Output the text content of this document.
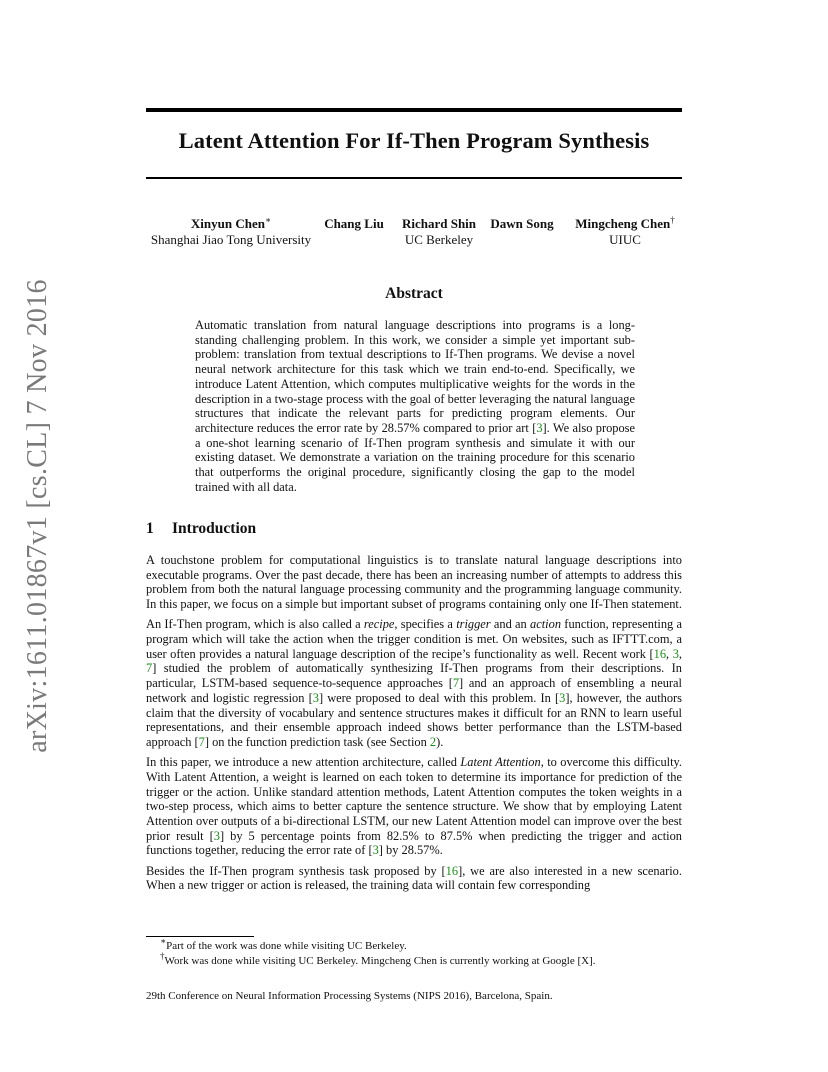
arXiv:1611.01867v1 [cs.CL] 7 Nov 2016
Latent Attention For If-Then Program Synthesis
Xinyun Chen∗
Shanghai Jiao Tong University
Chang Liu	Richard Shin
UC Berkeley
Dawn Song	Mingcheng Chen†
UIUC
Abstract
Automatic translation from natural language descriptions into programs is a long-standing challenging problem. In this work, we consider a simple yet important sub-problem: translation from textual descriptions to If-Then programs. We devise a novel neural network architecture for this task which we train end-to-end. Specifically, we introduce Latent Attention, which computes multiplicative weights for the words in the description in a two-stage process with the goal of better leveraging the natural language structures that indicate the relevant parts for predicting program elements. Our architecture reduces the error rate by 28.57% compared to prior art [3]. We also propose a one-shot learning scenario of If-Then program synthesis and simulate it with our existing dataset. We demonstrate a variation on the training procedure for this scenario that outperforms the original procedure, significantly closing the gap to the model trained with all data.
1 Introduction

A touchstone problem for computational linguistics is to translate natural language descriptions into executable programs. Over the past decade, there has been an increasing number of attempts to address this problem from both the natural language processing community and the programming language community. In this paper, we focus on a simple but important subset of programs containing only one If-Then statement.

An If-Then program, which is also called a recipe, specifies a trigger and an action function, representing a program which will take the action when the trigger condition is met. On websites, such as IFTTT.com, a user often provides a natural language description of the recipe’s functionality as well. Recent work [16, 3, 7] studied the problem of automatically synthesizing If-Then programs from their descriptions. In particular, LSTM-based sequence-to-sequence approaches [7] and an approach of ensembling a neural network and logistic regression [3] were proposed to deal with this problem. In [3], however, the authors claim that the diversity of vocabulary and sentence structures makes it difficult for an RNN to learn useful representations, and their ensemble approach indeed shows better performance than the LSTM-based approach [7] on the function prediction task (see Section 2).

In this paper, we introduce a new attention architecture, called Latent Attention, to overcome this difficulty. With Latent Attention, a weight is learned on each token to determine its importance for prediction of the trigger or the action. Unlike standard attention methods, Latent Attention computes the token weights in a two-step process, which aims to better capture the sentence structure. We show that by employing Latent Attention over outputs of a bi-directional LSTM, our new Latent Attention model can improve over the best prior result [3] by 5 percentage points from 82.5% to 87.5% when predicting the trigger and action functions together, reducing the error rate of [3] by 28.57%.

Besides the If-Then program synthesis task proposed by [16], we are also interested in a new scenario. When a new trigger or action is released, the training data will contain few corresponding

∗Part of the work was done while visiting UC Berkeley.
†Work was done while visiting UC Berkeley. Mingcheng Chen is currently working at Google [X].
29th Conference on Neural Information Processing Systems (NIPS 2016), Barcelona, Spain.
